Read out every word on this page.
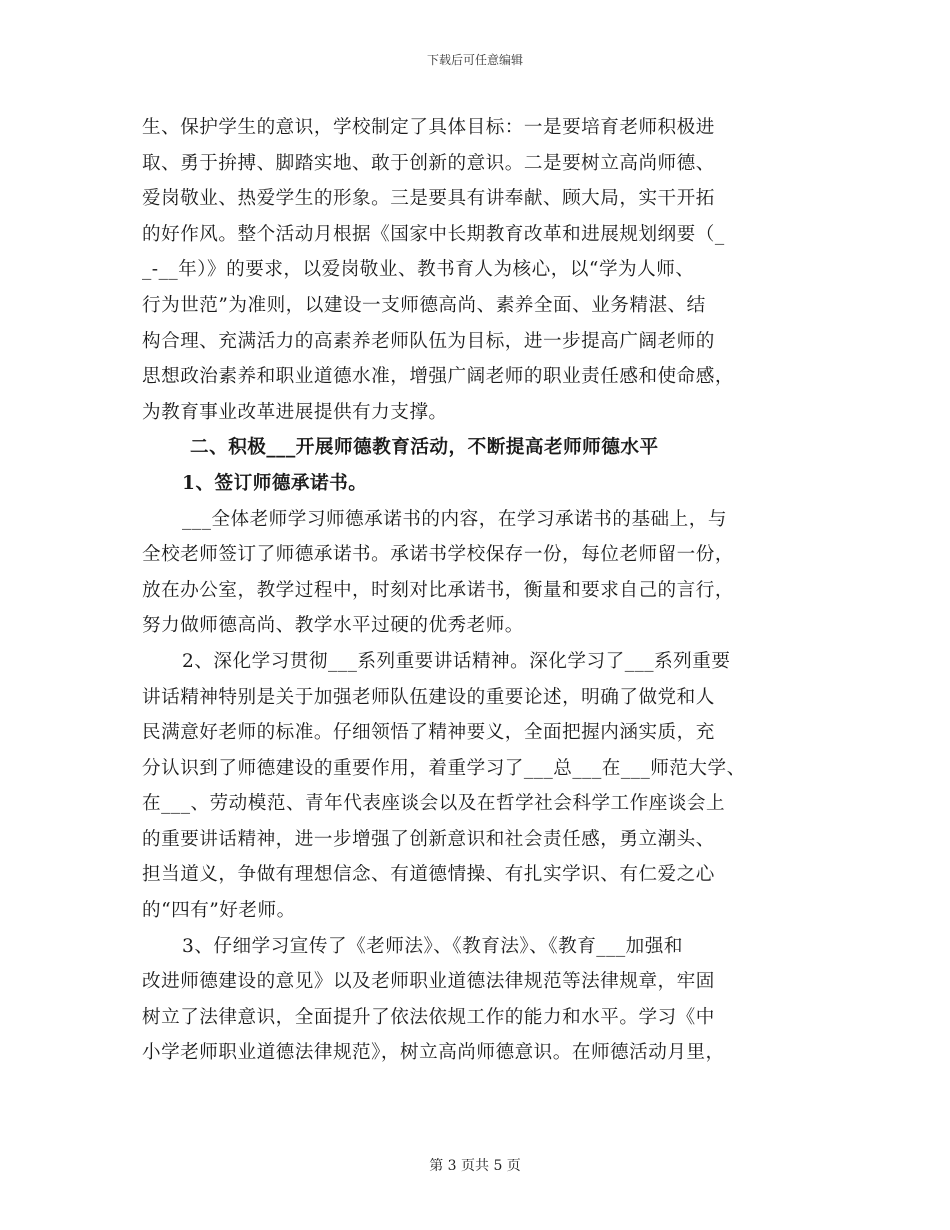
下载后可任意编辑
生、保护学生的意识，学校制定了具体目标：一是要培育老师积极进
取、勇于拚搏、脚踏实地、敢于创新的意识。二是要树立高尚师德、
爱岗敬业、热爱学生的形象。三是要具有讲奉献、顾大局，实干开拓
的好作风。整个活动月根据《国家中长期教育改革和进展规划纲要（_
_-__年）》的要求，以爱岗敬业、教书育人为核心，以“学为人师、
行为世范”为准则，以建设一支师德高尚、素养全面、业务精湛、结
构合理、充满活力的高素养老师队伍为目标，进一步提高广阔老师的
思想政治素养和职业道德水准，增强广阔老师的职业责任感和使命感，
为教育事业改革进展提供有力支撑。
二、积极___开展师德教育活动，不断提高老师师德水平
1、签订师德承诺书。
___全体老师学习师德承诺书的内容，在学习承诺书的基础上，与
全校老师签订了师德承诺书。承诺书学校保存一份，每位老师留一份，
放在办公室，教学过程中，时刻对比承诺书，衡量和要求自己的言行，
努力做师德高尚、教学水平过硬的优秀老师。
2、深化学习贯彻___系列重要讲话精神。深化学习了___系列重要
讲话精神特别是关于加强老师队伍建设的重要论述，明确了做党和人
民满意好老师的标准。仔细领悟了精神要义，全面把握内涵实质，充
分认识到了师德建设的重要作用，着重学习了___总___在___师范大学、
在___、劳动模范、青年代表座谈会以及在哲学社会科学工作座谈会上
的重要讲话精神，进一步增强了创新意识和社会责任感，勇立潮头、
担当道义，争做有理想信念、有道德情操、有扎实学识、有仁爱之心
的“四有”好老师。
3、仔细学习宣传了《老师法》、《教育法》、《教育___加强和
改进师德建设的意见》以及老师职业道德法律规范等法律规章，牢固
树立了法律意识，全面提升了依法依规工作的能力和水平。学习《中
小学老师职业道德法律规范》，树立高尚师德意识。在师德活动月里，
第 3 页共 5 页
